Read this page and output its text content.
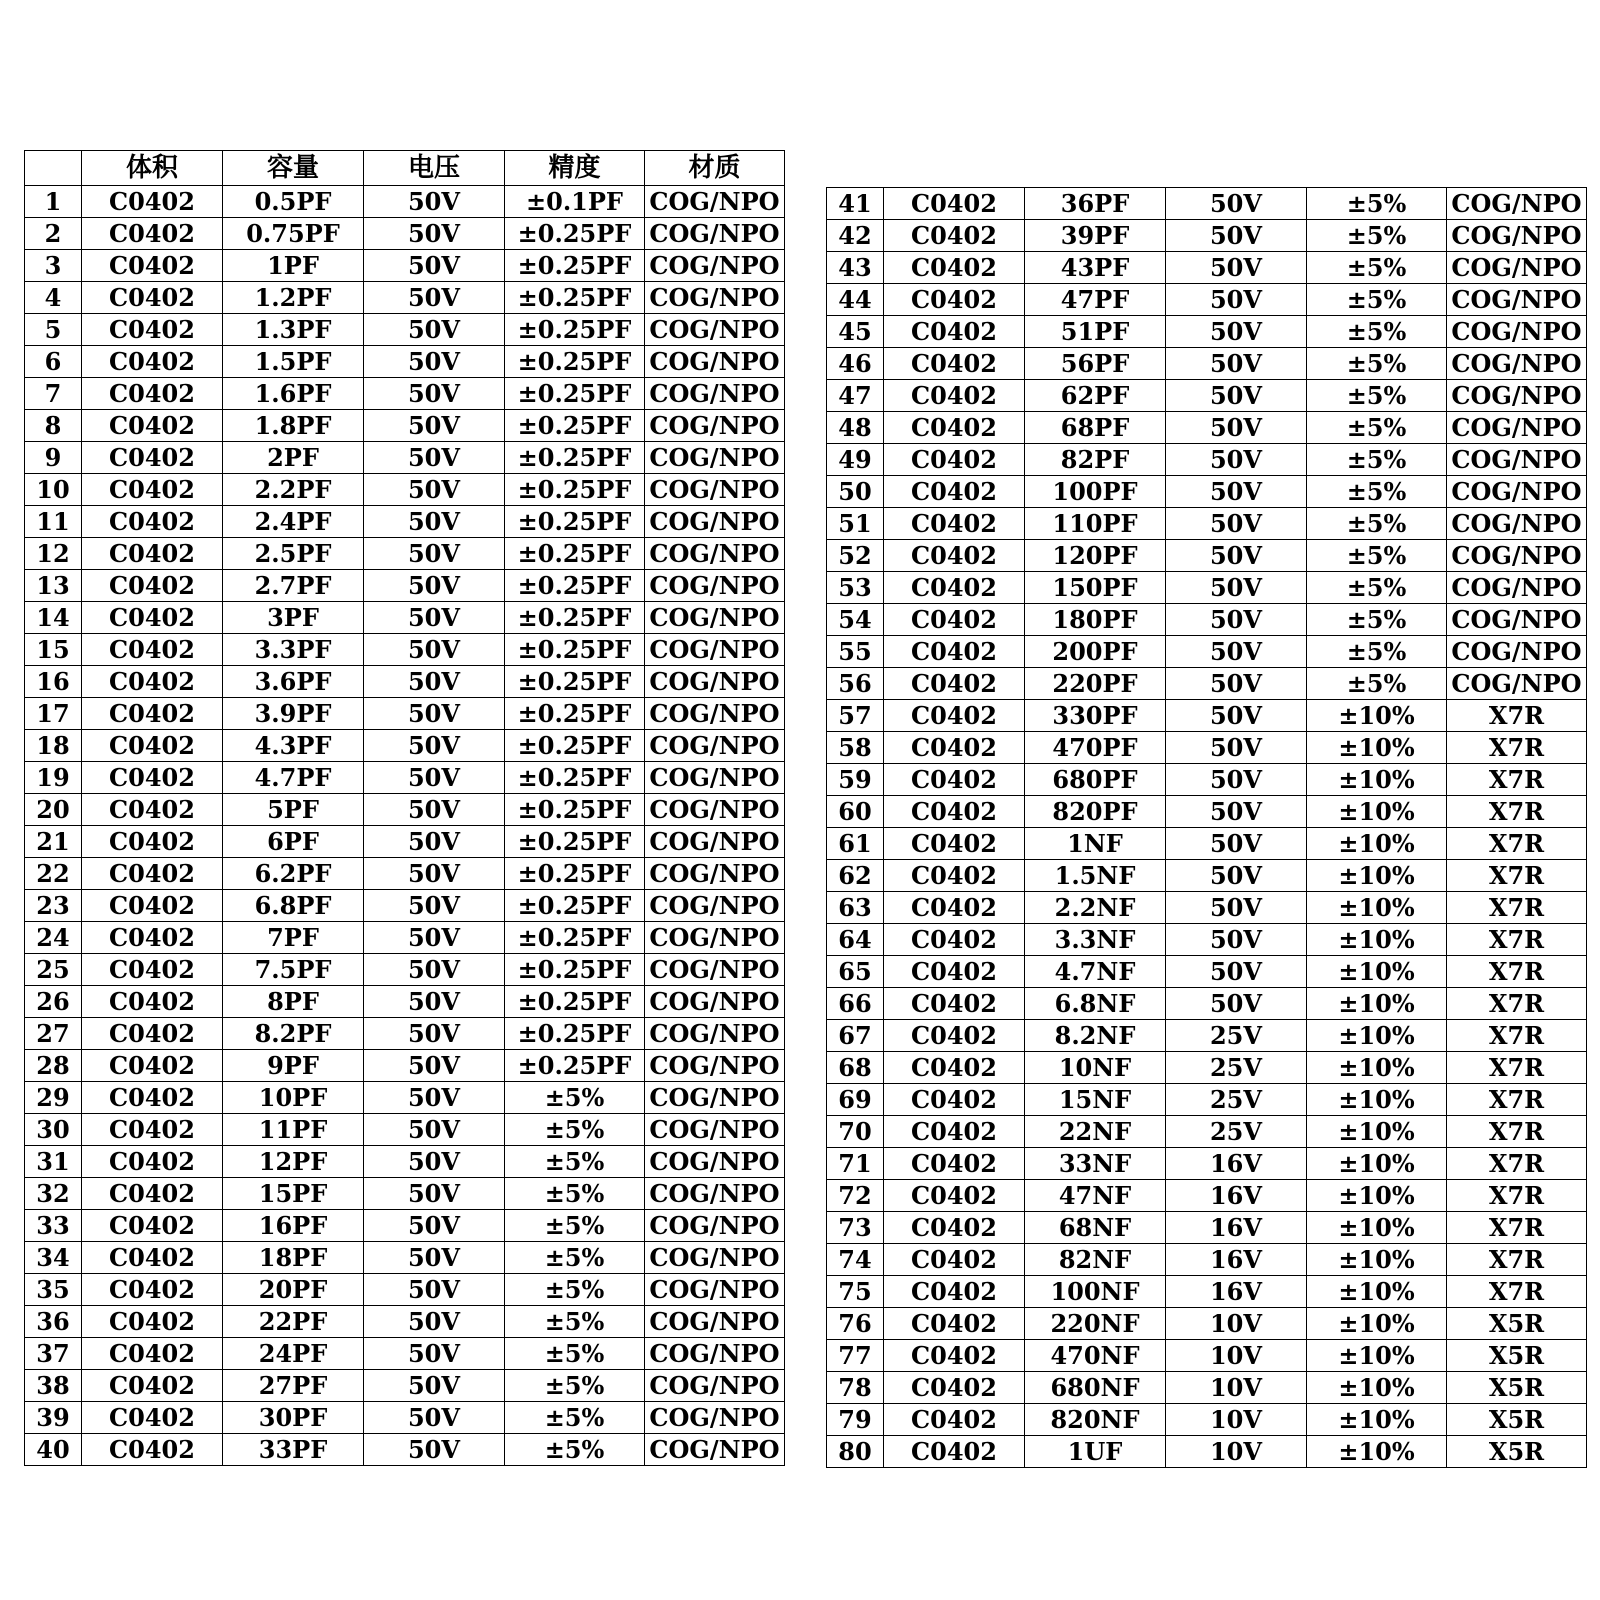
	体积	容量	电压	精度	材质
1	C0402	0.5PF	50V	±0.1PF	COG/NPO
2	C0402	0.75PF	50V	±0.25PF	COG/NPO
3	C0402	1PF	50V	±0.25PF	COG/NPO
4	C0402	1.2PF	50V	±0.25PF	COG/NPO
5	C0402	1.3PF	50V	±0.25PF	COG/NPO
6	C0402	1.5PF	50V	±0.25PF	COG/NPO
7	C0402	1.6PF	50V	±0.25PF	COG/NPO
8	C0402	1.8PF	50V	±0.25PF	COG/NPO
9	C0402	2PF	50V	±0.25PF	COG/NPO
10	C0402	2.2PF	50V	±0.25PF	COG/NPO
11	C0402	2.4PF	50V	±0.25PF	COG/NPO
12	C0402	2.5PF	50V	±0.25PF	COG/NPO
13	C0402	2.7PF	50V	±0.25PF	COG/NPO
14	C0402	3PF	50V	±0.25PF	COG/NPO
15	C0402	3.3PF	50V	±0.25PF	COG/NPO
16	C0402	3.6PF	50V	±0.25PF	COG/NPO
17	C0402	3.9PF	50V	±0.25PF	COG/NPO
18	C0402	4.3PF	50V	±0.25PF	COG/NPO
19	C0402	4.7PF	50V	±0.25PF	COG/NPO
20	C0402	5PF	50V	±0.25PF	COG/NPO
21	C0402	6PF	50V	±0.25PF	COG/NPO
22	C0402	6.2PF	50V	±0.25PF	COG/NPO
23	C0402	6.8PF	50V	±0.25PF	COG/NPO
24	C0402	7PF	50V	±0.25PF	COG/NPO
25	C0402	7.5PF	50V	±0.25PF	COG/NPO
26	C0402	8PF	50V	±0.25PF	COG/NPO
27	C0402	8.2PF	50V	±0.25PF	COG/NPO
28	C0402	9PF	50V	±0.25PF	COG/NPO
29	C0402	10PF	50V	±5%	COG/NPO
30	C0402	11PF	50V	±5%	COG/NPO
31	C0402	12PF	50V	±5%	COG/NPO
32	C0402	15PF	50V	±5%	COG/NPO
33	C0402	16PF	50V	±5%	COG/NPO
34	C0402	18PF	50V	±5%	COG/NPO
35	C0402	20PF	50V	±5%	COG/NPO
36	C0402	22PF	50V	±5%	COG/NPO
37	C0402	24PF	50V	±5%	COG/NPO
38	C0402	27PF	50V	±5%	COG/NPO
39	C0402	30PF	50V	±5%	COG/NPO
40	C0402	33PF	50V	±5%	COG/NPO
41	C0402	36PF	50V	±5%	COG/NPO
42	C0402	39PF	50V	±5%	COG/NPO
43	C0402	43PF	50V	±5%	COG/NPO
44	C0402	47PF	50V	±5%	COG/NPO
45	C0402	51PF	50V	±5%	COG/NPO
46	C0402	56PF	50V	±5%	COG/NPO
47	C0402	62PF	50V	±5%	COG/NPO
48	C0402	68PF	50V	±5%	COG/NPO
49	C0402	82PF	50V	±5%	COG/NPO
50	C0402	100PF	50V	±5%	COG/NPO
51	C0402	110PF	50V	±5%	COG/NPO
52	C0402	120PF	50V	±5%	COG/NPO
53	C0402	150PF	50V	±5%	COG/NPO
54	C0402	180PF	50V	±5%	COG/NPO
55	C0402	200PF	50V	±5%	COG/NPO
56	C0402	220PF	50V	±5%	COG/NPO
57	C0402	330PF	50V	±10%	X7R
58	C0402	470PF	50V	±10%	X7R
59	C0402	680PF	50V	±10%	X7R
60	C0402	820PF	50V	±10%	X7R
61	C0402	1NF	50V	±10%	X7R
62	C0402	1.5NF	50V	±10%	X7R
63	C0402	2.2NF	50V	±10%	X7R
64	C0402	3.3NF	50V	±10%	X7R
65	C0402	4.7NF	50V	±10%	X7R
66	C0402	6.8NF	50V	±10%	X7R
67	C0402	8.2NF	25V	±10%	X7R
68	C0402	10NF	25V	±10%	X7R
69	C0402	15NF	25V	±10%	X7R
70	C0402	22NF	25V	±10%	X7R
71	C0402	33NF	16V	±10%	X7R
72	C0402	47NF	16V	±10%	X7R
73	C0402	68NF	16V	±10%	X7R
74	C0402	82NF	16V	±10%	X7R
75	C0402	100NF	16V	±10%	X7R
76	C0402	220NF	10V	±10%	X5R
77	C0402	470NF	10V	±10%	X5R
78	C0402	680NF	10V	±10%	X5R
79	C0402	820NF	10V	±10%	X5R
80	C0402	1UF	10V	±10%	X5R
